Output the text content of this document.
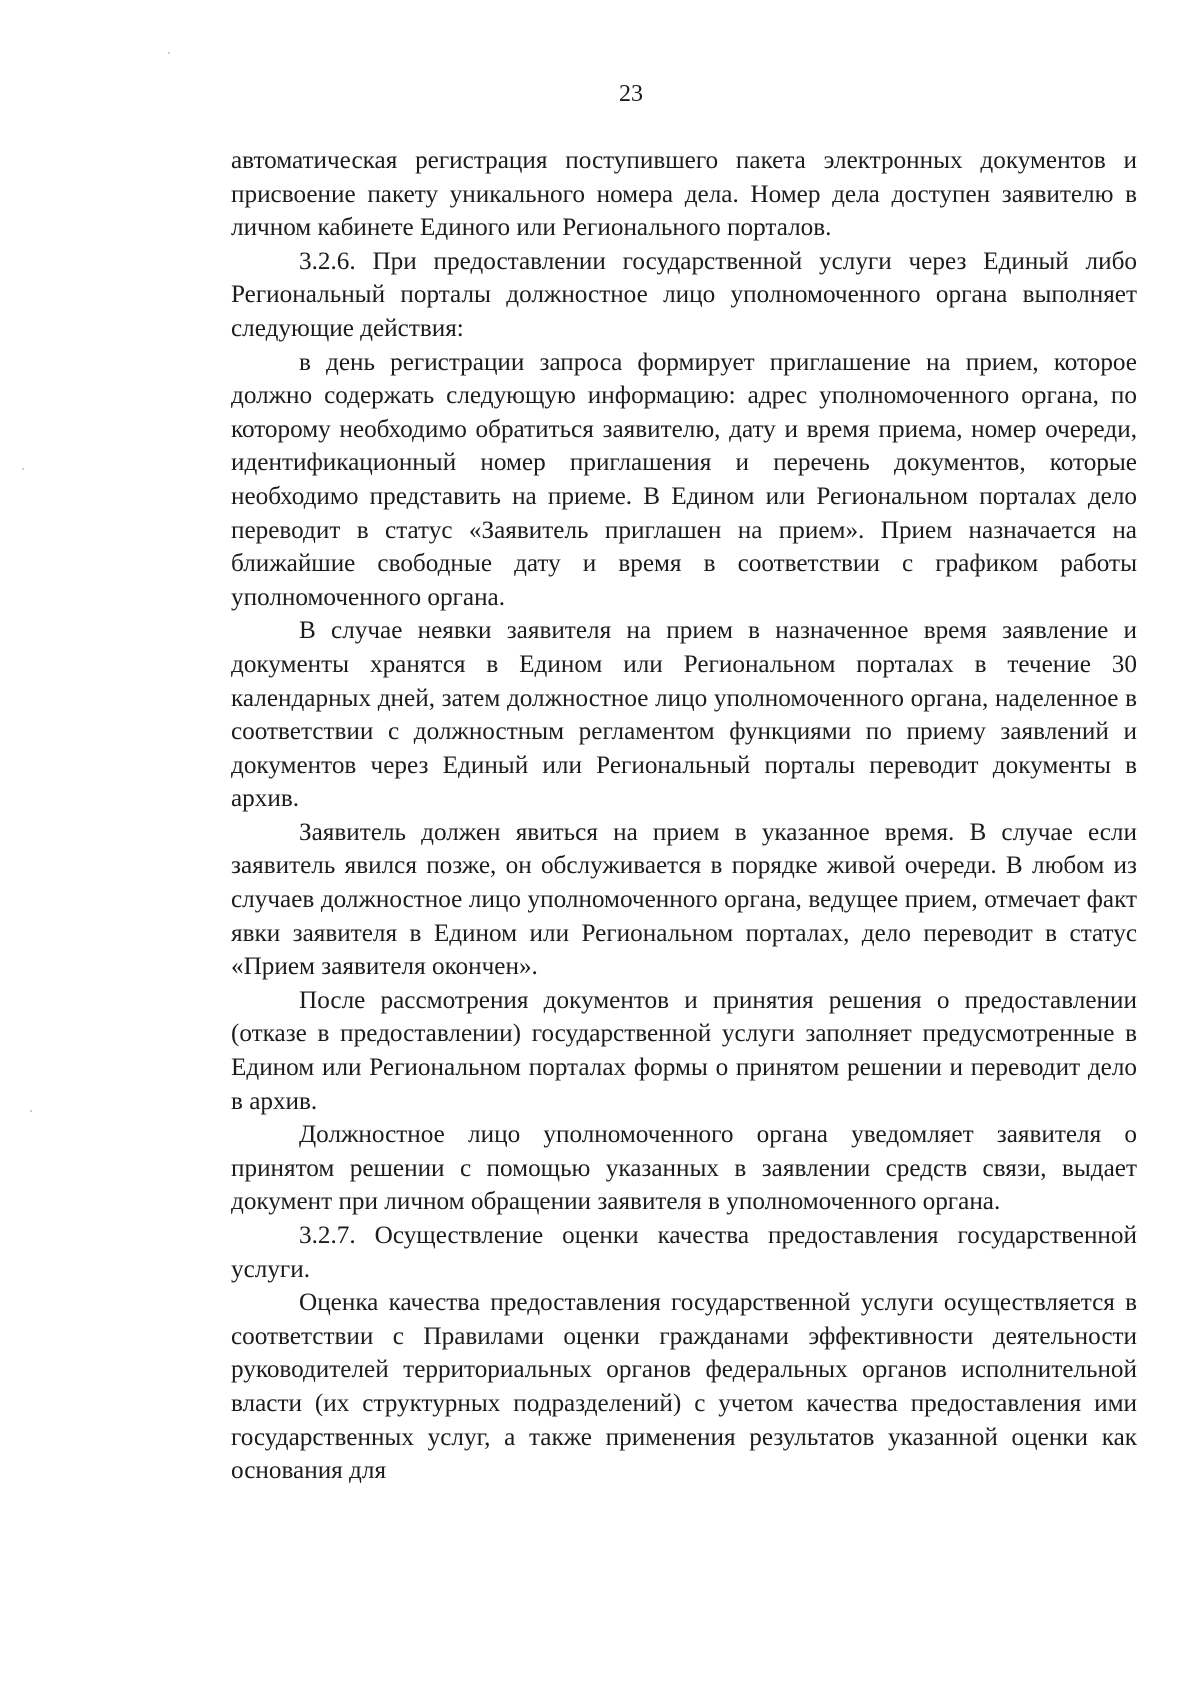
23

автоматическая регистрация поступившего пакета электронных документов и присвоение пакету уникального номера дела. Номер дела доступен заявителю в личном кабинете Единого или Регионального порталов.

3.2.6. При предоставлении государственной услуги через Единый либо Региональный порталы должностное лицо уполномоченного органа выполняет следующие действия:

в день регистрации запроса формирует приглашение на прием, которое должно содержать следующую информацию: адрес уполномоченного органа, по которому необходимо обратиться заявителю, дату и время приема, номер очереди, идентификационный номер приглашения и перечень документов, которые необходимо представить на приеме. В Едином или Региональном порталах дело переводит в статус «Заявитель приглашен на прием». Прием назначается на ближайшие свободные дату и время в соответствии с графиком работы уполномоченного органа.

В случае неявки заявителя на прием в назначенное время заявление и документы хранятся в Едином или Региональном порталах в течение 30 календарных дней, затем должностное лицо уполномоченного органа, наделенное в соответствии с должностным регламентом функциями по приему заявлений и документов через Единый или Региональный порталы переводит документы в архив.

Заявитель должен явиться на прием в указанное время. В случае если заявитель явился позже, он обслуживается в порядке живой очереди. В любом из случаев должностное лицо уполномоченного органа, ведущее прием, отмечает факт явки заявителя в Едином или Региональном порталах, дело переводит в статус «Прием заявителя окончен».

После рассмотрения документов и принятия решения о предоставлении (отказе в предоставлении) государственной услуги заполняет предусмотренные в Едином или Региональном порталах формы о принятом решении и переводит дело в архив.

Должностное лицо уполномоченного органа уведомляет заявителя о принятом решении с помощью указанных в заявлении средств связи, выдает документ при личном обращении заявителя в уполномоченного органа.

3.2.7. Осуществление оценки качества предоставления государственной услуги.

Оценка качества предоставления государственной услуги осуществляется в соответствии с Правилами оценки гражданами эффективности деятельности руководителей территориальных органов федеральных органов исполнительной власти (их структурных подразделений) с учетом качества предоставления ими государственных услуг, а также применения результатов указанной оценки как основания для
